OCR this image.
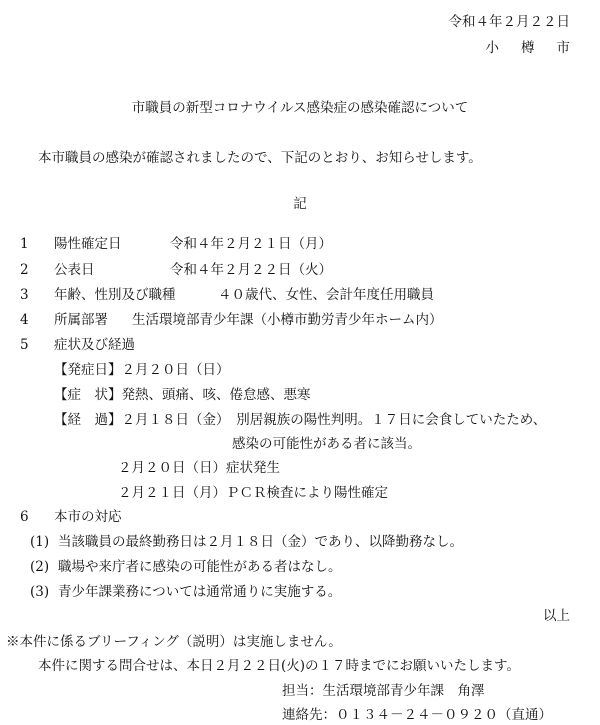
令和４年２月２２日
小樽市
市職員の新型コロナウイルス感染症の感染確認について
本市職員の感染が確認されましたので、下記のとおり、お知らせします。
記
1 陽性確定日	令和４年２月２１日（月）
2 公表日	令和４年２月２２日（火）
3 年齢、性別及び職種	４０歳代、女性、会計年度任用職員
4 所属部署 生活環境部青少年課（小樽市勤労青少年ホーム内）
5 症状及び経過
【発症日】２月２０日（日）
【症　状】発熱、頭痛、咳、倦怠感、悪寒
【経　過】２月１８日（金）　別居親族の陽性判明。１７日に会食していたため、
感染の可能性がある者に該当。
２月２０日（日）症状発生
２月２１日（月）ＰＣＲ検査により陽性確定
6 本市の対応
(1) 当該職員の最終勤務日は２月１８日（金）であり、以降勤務なし。
(2) 職場や来庁者に感染の可能性がある者はなし。
(3) 青少年課業務については通常通りに実施する。
以上
※本件に係るブリーフィング（説明）は実施しません。
本件に関する問合せは、本日２月２２日(火)の１７時までにお願いいたします。
担当：生活環境部青少年課　角澤
連絡先：０１３４－２４－０９２０（直通）
